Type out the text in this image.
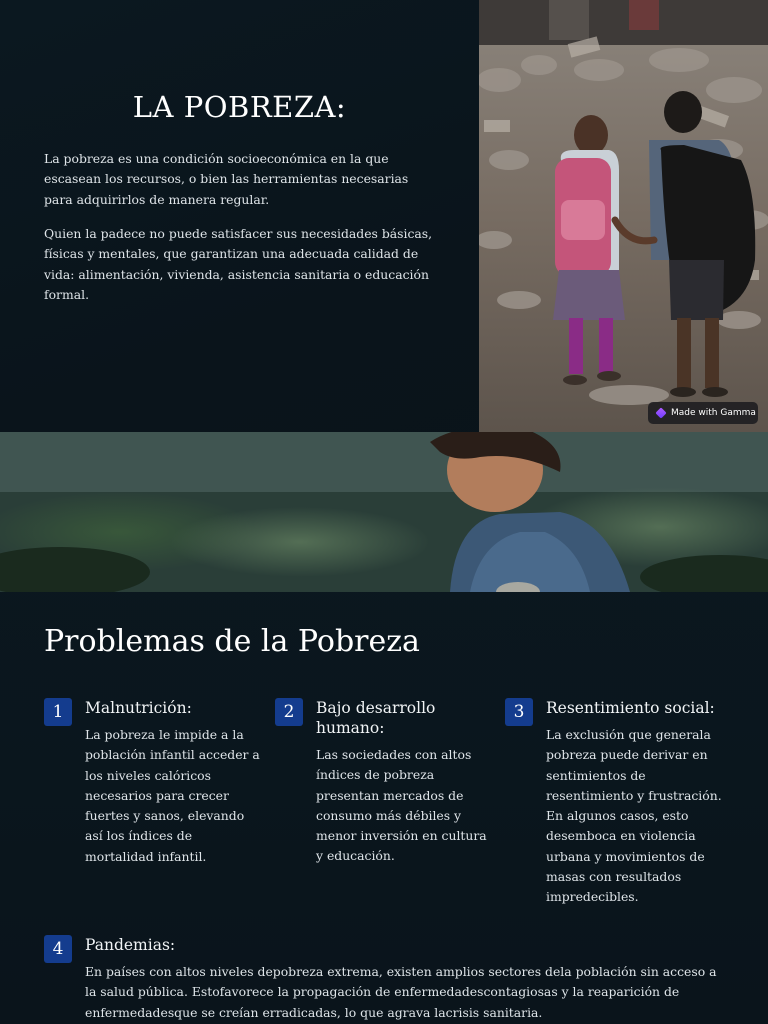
LA POBREZA:

La pobreza es una condición socioeconómica en la que escasean los recursos, o bien las herramientas necesarias para adquirirlos de manera regular.

Quien la padece no puede satisfacer sus necesidades básicas, físicas y mentales, que garantizan una adecuada calidad de vida: alimentación, vivienda, asistencia sanitaria o educación formal.

Made with Gamma
Problemas de la Pobreza
1	Malnutrición:

La pobreza le impide a la población infantil acceder a los niveles calóricos necesarios para crecer fuertes y sanos, elevando así los índices de mortalidad infantil.

2	Bajo desarrollo humano:

Las sociedades con altos índices de pobreza presentan mercados de consumo más débiles y menor inversión en cultura y educación.

3	Resentimiento social:

La exclusión que generala pobreza puede derivar en sentimientos de resentimiento y frustración. En algunos casos, esto desemboca en violencia urbana y movimientos de masas con resultados impredecibles.

4	Pandemias:

En países con altos niveles depobreza extrema, existen amplios sectores dela población sin acceso a la salud pública. Estofavorece la propagación de enfermedadescontagiosas y la reaparición de enfermedadesque se creían erradicadas, lo que agrava lacrisis sanitaria.
